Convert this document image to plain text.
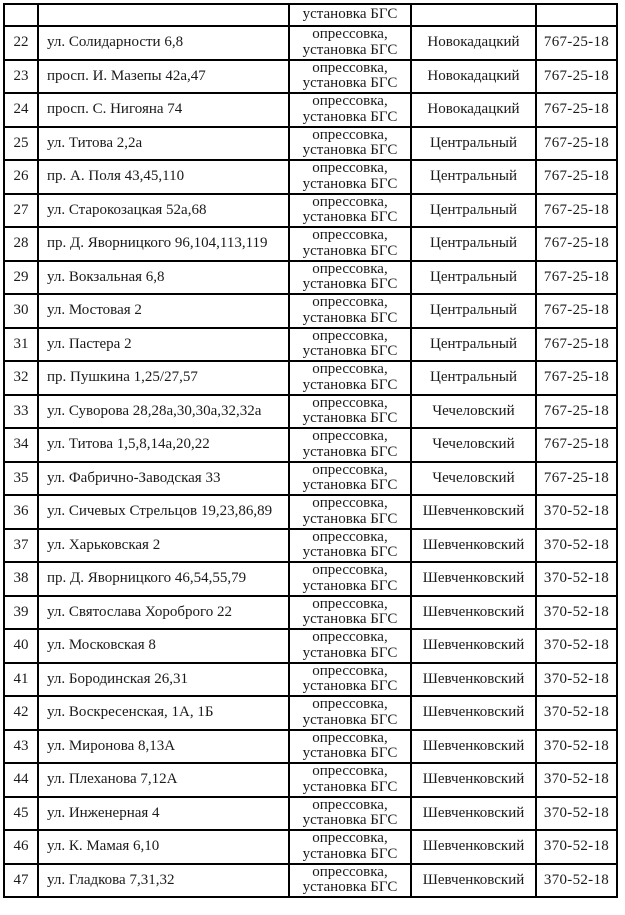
		установка БГС		
22	ул. Солидарности 6,8	опрессовка,
установка БГС	Новокадацкий	767-25-18
23	просп. И. Мазепы 42а,47	опрессовка,
установка БГС	Новокадацкий	767-25-18
24	просп. С. Нигояна 74	опрессовка,
установка БГС	Новокадацкий	767-25-18
25	ул. Титова 2,2а	опрессовка,
установка БГС	Центральный	767-25-18
26	пр. А. Поля 43,45,110	опрессовка,
установка БГС	Центральный	767-25-18
27	ул. Старокозацкая 52а,68	опрессовка,
установка БГС	Центральный	767-25-18
28	пр. Д. Яворницкого 96,104,113,119	опрессовка,
установка БГС	Центральный	767-25-18
29	ул. Вокзальная 6,8	опрессовка,
установка БГС	Центральный	767-25-18
30	ул. Мостовая 2	опрессовка,
установка БГС	Центральный	767-25-18
31	ул. Пастера 2	опрессовка,
установка БГС	Центральный	767-25-18
32	пр. Пушкина 1,25/27,57	опрессовка,
установка БГС	Центральный	767-25-18
33	ул. Суворова 28,28а,30,30а,32,32а	опрессовка,
установка БГС	Чечеловский	767-25-18
34	ул. Титова 1,5,8,14а,20,22	опрессовка,
установка БГС	Чечеловский	767-25-18
35	ул. Фабрично-Заводская 33	опрессовка,
установка БГС	Чечеловский	767-25-18
36	ул. Сичевых Стрельцов 19,23,86,89	опрессовка,
установка БГС	Шевченковский	370-52-18
37	ул. Харьковская 2	опрессовка,
установка БГС	Шевченковский	370-52-18
38	пр. Д. Яворницкого 46,54,55,79	опрессовка,
установка БГС	Шевченковский	370-52-18
39	ул. Святослава Хороброго 22	опрессовка,
установка БГС	Шевченковский	370-52-18
40	ул. Московская 8	опрессовка,
установка БГС	Шевченковский	370-52-18
41	ул. Бородинская 26,31	опрессовка,
установка БГС	Шевченковский	370-52-18
42	ул. Воскресенская, 1А, 1Б	опрессовка,
установка БГС	Шевченковский	370-52-18
43	ул. Миронова 8,13А	опрессовка,
установка БГС	Шевченковский	370-52-18
44	ул. Плеханова 7,12А	опрессовка,
установка БГС	Шевченковский	370-52-18
45	ул. Инженерная 4	опрессовка,
установка БГС	Шевченковский	370-52-18
46	ул. К. Мамая 6,10	опрессовка,
установка БГС	Шевченковский	370-52-18
47	ул. Гладкова 7,31,32	опрессовка,
установка БГС	Шевченковский	370-52-18
